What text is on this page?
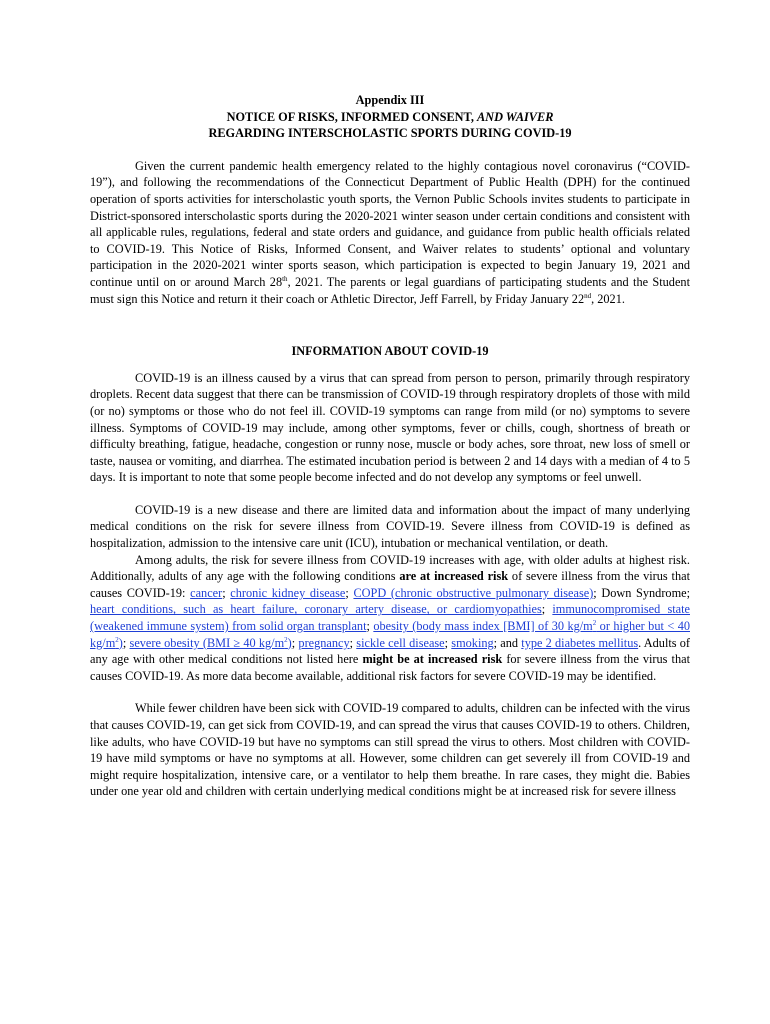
Appendix III

NOTICE OF RISKS, INFORMED CONSENT, AND WAIVER

REGARDING INTERSCHOLASTIC SPORTS DURING COVID-19

Given the current pandemic health emergency related to the highly contagious novel coronavirus (“COVID-19”), and following the recommendations of the Connecticut Department of Public Health (DPH) for the continued operation of sports activities for interscholastic youth sports, the Vernon Public Schools invites students to participate in District-sponsored interscholastic sports during the 2020-2021 winter season under certain conditions and consistent with all applicable rules, regulations, federal and state orders and guidance, and guidance from public health officials related to COVID-19. This Notice of Risks, Informed Consent, and Waiver relates to students’ optional and voluntary participation in the 2020-2021 winter sports season, which participation is expected to begin January 19, 2021 and continue until on or around March 28th, 2021. The parents or legal guardians of participating students and the Student must sign this Notice and return it their coach or Athletic Director, Jeff Farrell, by Friday January 22nd, 2021.

INFORMATION ABOUT COVID-19

COVID-19 is an illness caused by a virus that can spread from person to person, primarily through respiratory droplets. Recent data suggest that there can be transmission of COVID-19 through respiratory droplets of those with mild (or no) symptoms or those who do not feel ill. COVID-19 symptoms can range from mild (or no) symptoms to severe illness. Symptoms of COVID-19 may include, among other symptoms, fever or chills, cough, shortness of breath or difficulty breathing, fatigue, headache, congestion or runny nose, muscle or body aches, sore throat, new loss of smell or taste, nausea or vomiting, and diarrhea. The estimated incubation period is between 2 and 14 days with a median of 4 to 5 days. It is important to note that some people become infected and do not develop any symptoms or feel unwell.

COVID-19 is a new disease and there are limited data and information about the impact of many underlying medical conditions on the risk for severe illness from COVID-19. Severe illness from COVID-19 is defined as hospitalization, admission to the intensive care unit (ICU), intubation or mechanical ventilation, or death.

Among adults, the risk for severe illness from COVID-19 increases with age, with older adults at highest risk. Additionally, adults of any age with the following conditions are at increased risk of severe illness from the virus that causes COVID-19: cancer; chronic kidney disease; COPD (chronic obstructive pulmonary disease); Down Syndrome; heart conditions, such as heart failure, coronary artery disease, or cardiomyopathies; immunocompromised state (weakened immune system) from solid organ transplant; obesity (body mass index [BMI] of 30 $kg/m^2$ or higher but < 40 $kg/m^2$); severe obesity (BMI ≥ 40 $kg/m^2$); pregnancy; sickle cell disease; smoking; and type 2 diabetes mellitus. Adults of any age with other medical conditions not listed here might be at increased risk for severe illness from the virus that causes COVID-19. As more data become available, additional risk factors for severe COVID-19 may be identified.

While fewer children have been sick with COVID-19 compared to adults, children can be infected with the virus that causes COVID-19, can get sick from COVID-19, and can spread the virus that causes COVID-19 to others. Children, like adults, who have COVID-19 but have no symptoms can still spread the virus to others. Most children with COVID-19 have mild symptoms or have no symptoms at all. However, some children can get severely ill from COVID-19 and might require hospitalization, intensive care, or a ventilator to help them breathe. In rare cases, they might die. Babies under one year old and children with certain underlying medical conditions might be at increased risk for severe illness
